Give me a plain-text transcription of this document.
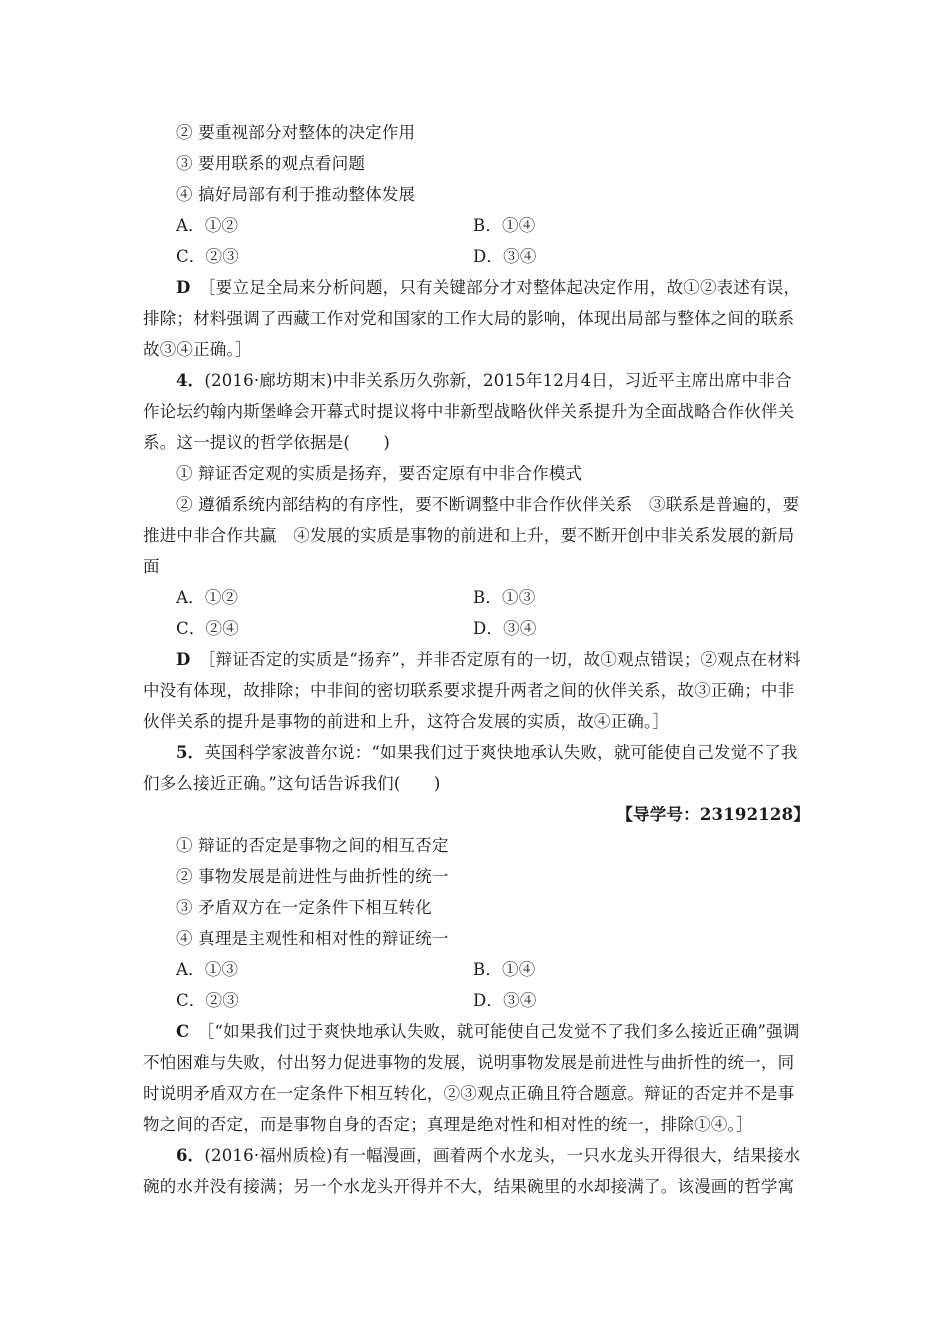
② 要重视部分对整体的决定作用
③ 要用联系的观点看问题
④ 搞好局部有利于推动整体发展
A．①②	B．①④
C．②③	D．③④
D　 ［要立足全局来分析问题，只有关键部分才对整体起决定作用，故①②表述有误，
排除；材料强调了西藏工作对党和国家的工作大局的影响，体现出局部与整体之间的联系
故③④正确。］
4．(2016·廊坊期末)中非关系历久弥新，2015年12月4日，习近平主席出席中非合
作论坛约翰内斯堡峰会开幕式时提议将中非新型战略伙伴关系提升为全面战略合作伙伴关
系。这一提议的哲学依据是(　　)
① 辩证否定观的实质是扬弃，要否定原有中非合作模式
② 遵循系统内部结构的有序性，要不断调整中非合作伙伴关系　③联系是普遍的，要
推进中非合作共赢　④发展的实质是事物的前进和上升，要不断开创中非关系发展的新局
面
A．①②	B．①③
C．②④	D．③④
D　 ［辩证否定的实质是“扬弃”，并非否定原有的一切，故①观点错误；②观点在材料
中没有体现，故排除；中非间的密切联系要求提升两者之间的伙伴关系，故③正确；中非
伙伴关系的提升是事物的前进和上升，这符合发展的实质，故④正确。］
5．英国科学家波普尔说：“如果我们过于爽快地承认失败，就可能使自己发觉不了我
们多么接近正确。”这句话告诉我们(　　)
【导学号：23192128】
① 辩证的否定是事物之间的相互否定
② 事物发展是前进性与曲折性的统一
③ 矛盾双方在一定条件下相互转化
④ 真理是主观性和相对性的辩证统一
A．①③	B．①④
C．②③	D．③④
C　 ［“如果我们过于爽快地承认失败，就可能使自己发觉不了我们多么接近正确”强调
不怕困难与失败，付出努力促进事物的发展，说明事物发展是前进性与曲折性的统一，同
时说明矛盾双方在一定条件下相互转化，②③观点正确且符合题意。辩证的否定并不是事
物之间的否定，而是事物自身的否定；真理是绝对性和相对性的统一，排除①④。］
6．(2016·福州质检)有一幅漫画，画着两个水龙头，一只水龙头开得很大，结果接水
碗的水并没有接满；另一个水龙头开得并不大，结果碗里的水却接满了。该漫画的哲学寓
